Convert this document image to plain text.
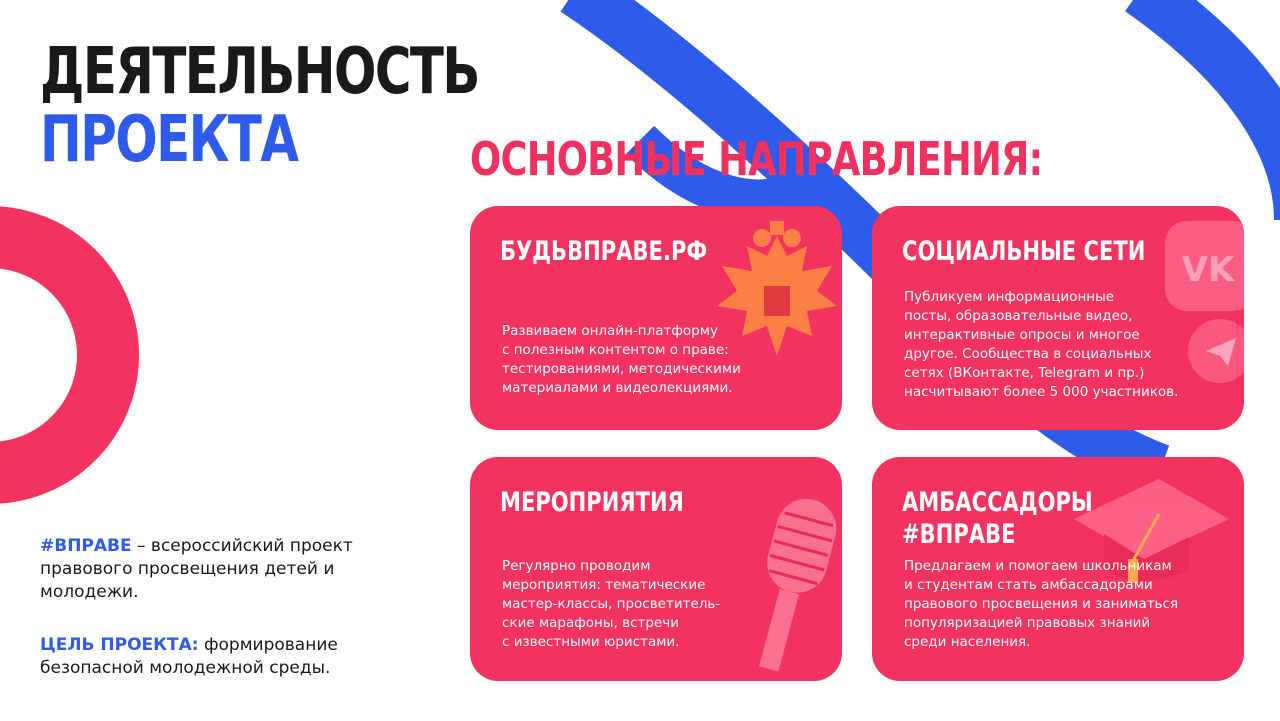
ДЕЯТЕЛЬНОСТЬ
ПРОЕКТА	ОСНОВНЫЕ НАПРАВЛЕНИЯ:
БУДЬВПРАВЕ.РФ
Развиваем онлайн-платформу
с полезным контентом о праве:
тестированиями, методическими
материалами и видеолекциями.
VK
СОЦИАЛЬНЫЕ СЕТИ
Публикуем информационные
посты, образовательные видео,
интерактивные опросы и многое
другое. Сообщества в социальных
сетях (ВКонтакте, Telegram и пр.)
насчитывают более 5 000 участников.
МЕРОПРИЯТИЯ
Регулярно проводим
мероприятия: тематические
мастер-классы, просветитель-
ские марафоны, встречи
с известными юристами.
АМБАССАДОРЫ
#ВПРАВЕ
Предлагаем и помогаем школьникам
и студентам стать амбассадорами
правового просвещения и заниматься
популяризацией правовых знаний
среди населения.
#ВПРАВЕ – всероссийский проект правового просвещения детей и молодежи.
ЦЕЛЬ ПРОЕКТА: формирование безопасной молодежной среды.
